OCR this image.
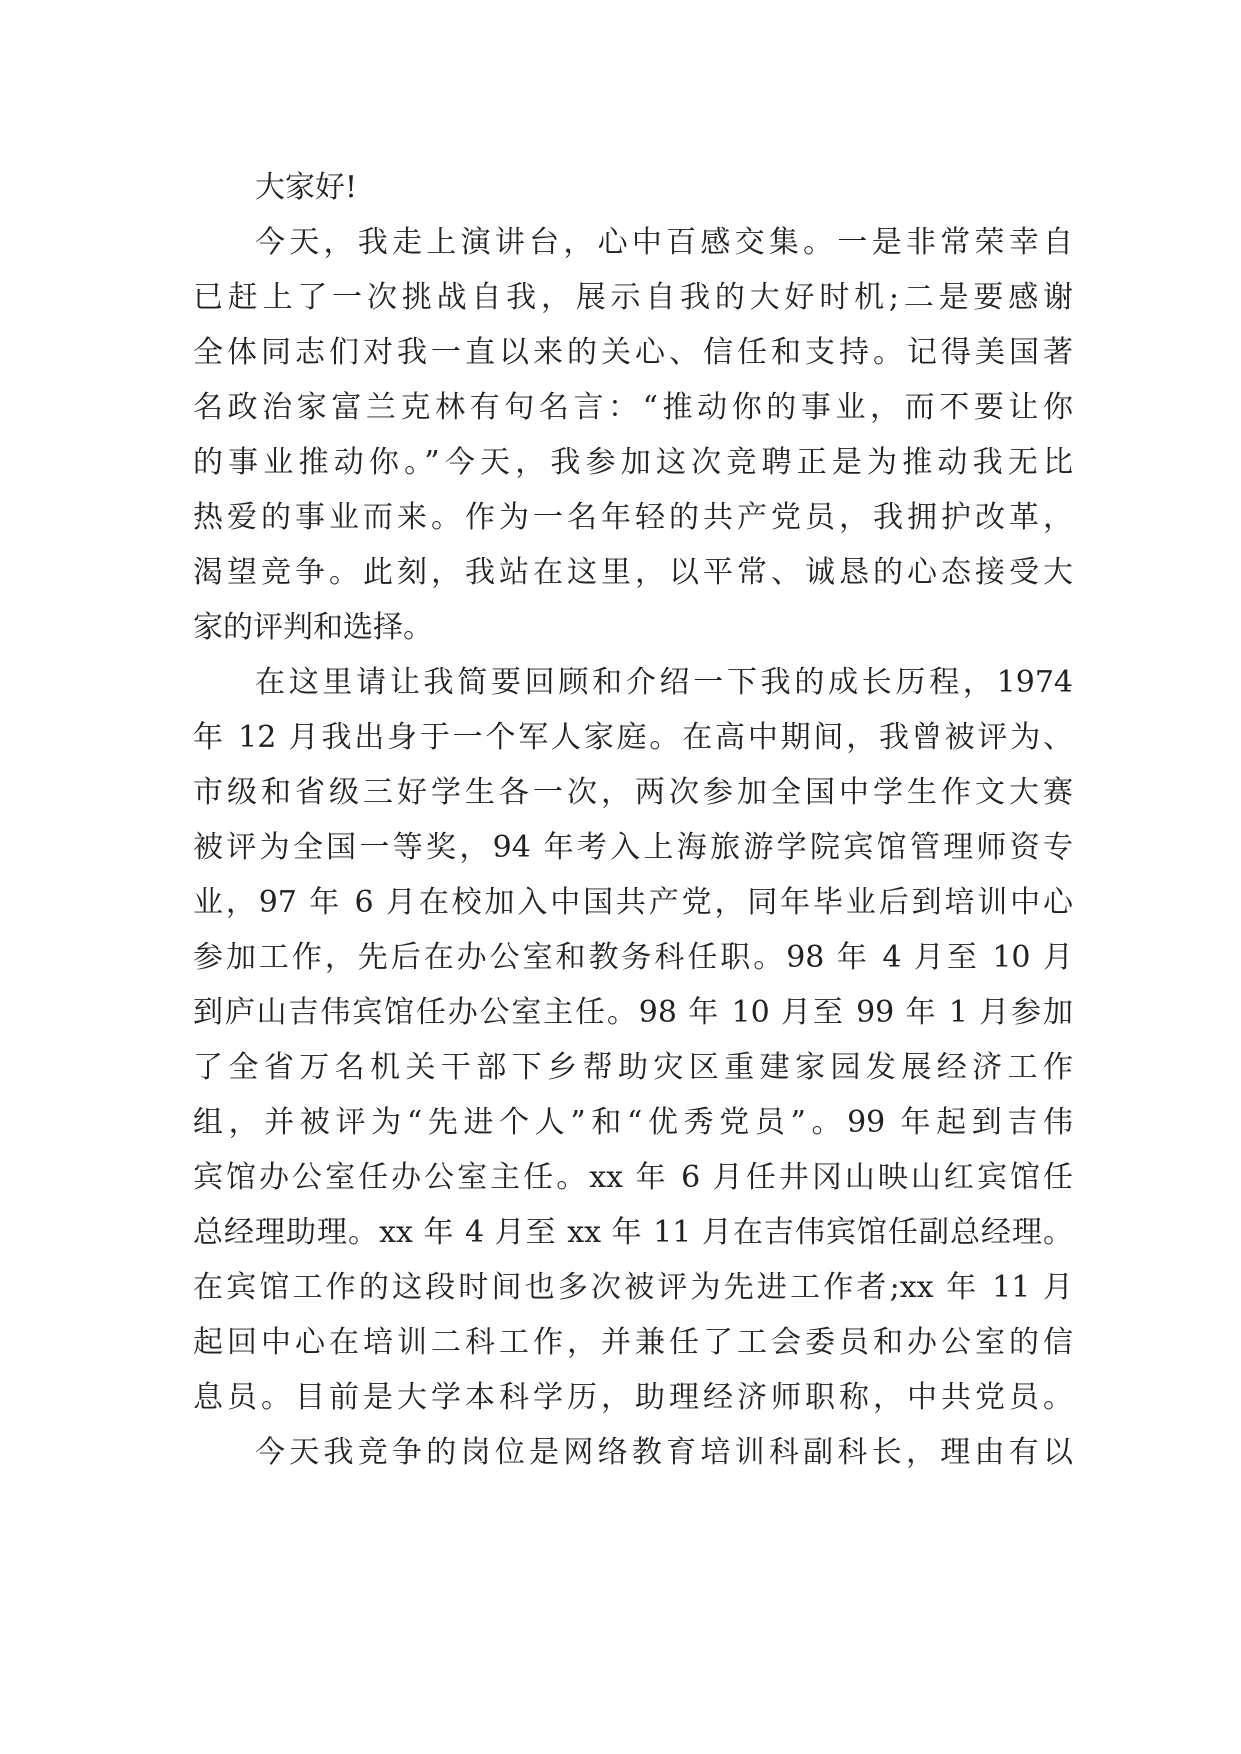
大家好!
今天，我走上演讲台，心中百感交集。一是非常荣幸自
已赶上了一次挑战自我，展示自我的大好时机;二是要感谢
全体同志们对我一直以来的关心、信任和支持。记得美国著
名政治家富兰克林有句名言：“推动你的事业，而不要让你
的事业推动你。”今天，我参加这次竞聘正是为推动我无比
热爱的事业而来。作为一名年轻的共产党员，我拥护改革，
渴望竞争。此刻，我站在这里，以平常、诚恳的心态接受大
家的评判和选择。
在这里请让我简要回顾和介绍一下我的成长历程，1974
年 12 月我出身于一个军人家庭。在高中期间，我曾被评为、
市级和省级三好学生各一次，两次参加全国中学生作文大赛
被评为全国一等奖，94 年考入上海旅游学院宾馆管理师资专
业，97 年 6 月在校加入中国共产党，同年毕业后到培训中心
参加工作，先后在办公室和教务科任职。98 年 4 月至 10 月
到庐山吉伟宾馆任办公室主任。98 年 10 月至 99 年 1 月参加
了全省万名机关干部下乡帮助灾区重建家园发展经济工作
组，并被评为“先进个人”和“优秀党员”。99 年起到吉伟
宾馆办公室任办公室主任。xx 年 6 月任井冈山映山红宾馆任
总经理助理。xx 年 4 月至 xx 年 11 月在吉伟宾馆任副总经理。
在宾馆工作的这段时间也多次被评为先进工作者;xx 年 11 月
起回中心在培训二科工作，并兼任了工会委员和办公室的信
息员。目前是大学本科学历，助理经济师职称，中共党员。
今天我竞争的岗位是网络教育培训科副科长，理由有以
